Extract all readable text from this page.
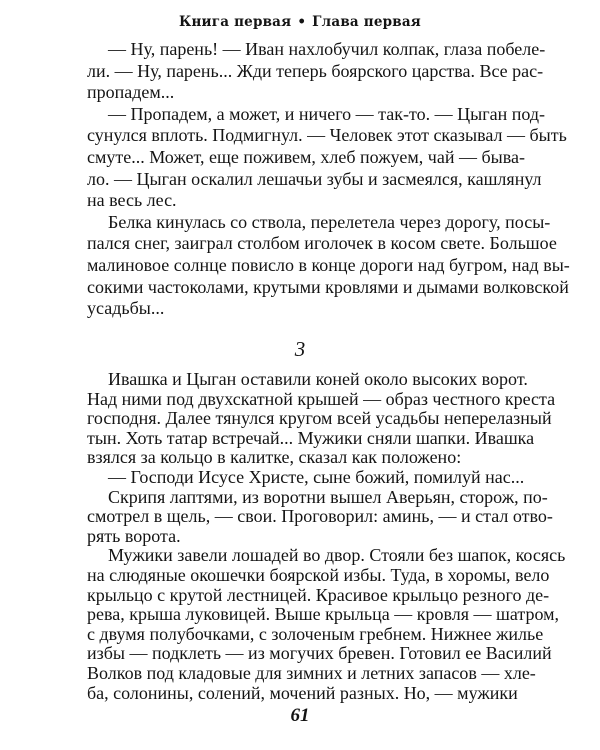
Книга первая • Глава первая
3
61
— Ну, парень! — Иван нахлобучил колпак, глаза побеле-
ли. — Ну, парень... Жди теперь боярского царства. Все рас-
пропадем...
— Пропадем, а может, и ничего — так-то. — Цыган под-
сунулся вплоть. Подмигнул. — Человек этот сказывал — быть
смуте... Может, еще поживем, хлеб пожуем, чай — быва-
ло. — Цыган оскалил лешачьи зубы и засмеялся, кашлянул
на весь лес.
Белка кинулась со ствола, перелетела через дорогу, посы-
пался снег, заиграл столбом иголочек в косом свете. Большое
малиновое солнце повисло в конце дороги над бугром, над вы-
сокими частоколами, крутыми кровлями и дымами волковской
усадьбы...
Ивашка и Цыган оставили коней около высоких ворот.
Над ними под двухскатной крышей — образ честного креста
господня. Далее тянулся кругом всей усадьбы неперелазный
тын. Хоть татар встречай... Мужики сняли шапки. Ивашка
взялся за кольцо в калитке, сказал как положено:
— Господи Исусе Христе, сыне божий, помилуй нас...
Скрипя лаптями, из воротни вышел Аверьян, сторож, по-
смотрел в щель, — свои. Проговорил: аминь, — и стал отво-
рять ворота.
Мужики завели лошадей во двор. Стояли без шапок, косясь
на слюдяные окошечки боярской избы. Туда, в хоромы, вело
крыльцо с крутой лестницей. Красивое крыльцо резного де-
рева, крыша луковицей. Выше крыльца — кровля — шатром,
с двумя полубочками, с золоченым гребнем. Нижнее жилье
избы — подклеть — из могучих бревен. Готовил ее Василий
Волков под кладовые для зимних и летних запасов — хле-
ба, солонины, солений, мочений разных. Но, — мужики
